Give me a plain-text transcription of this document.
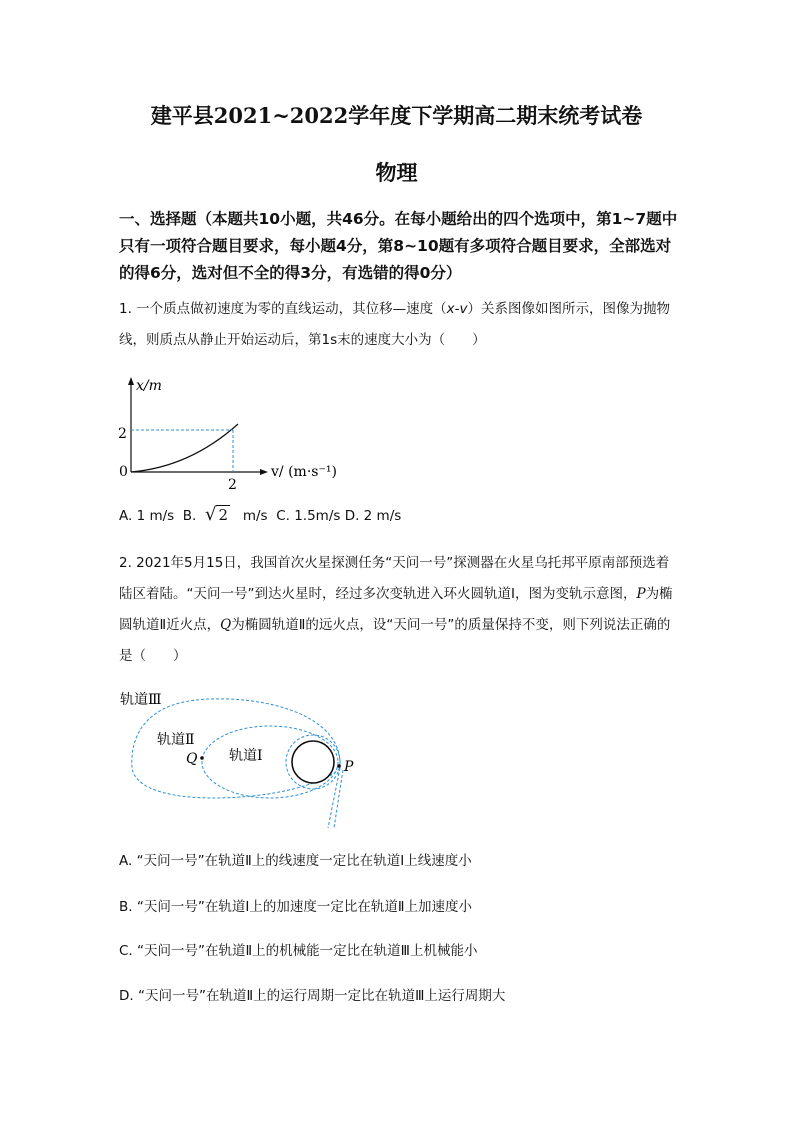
建平县2021~2022学年度下学期高二期末统考试卷
物理
一、选择题（本题共10小题，共46分。在每小题给出的四个选项中，第1~7题中只有一项符合题目要求，每小题4分，第8~10题有多项符合题目要求，全部选对的得6分，选对但不全的得3分，有选错的得0分）
1. 一个质点做初速度为零的直线运动，其位移—速度（x-v）关系图像如图所示，图像为抛物线，则质点从静止开始运动后，第1s末的速度大小为（　　）
x/m
2
0
2
v/ (m·s⁻¹)
A. 1 m/s B. √ 2 m/s C. 1.5m/s D. 2 m/s
2. 2021年5月15日，我国首次火星探测任务“天问一号”探测器在火星乌托邦平原南部预选着陆区着陆。“天问一号”到达火星时，经过多次变轨进入环火圆轨道Ⅰ，图为变轨示意图，P为椭圆轨道Ⅱ近火点，Q为椭圆轨道Ⅱ的远火点，设“天问一号”的质量保持不变，则下列说法正确的是（　　）
轨道Ⅲ
轨道Ⅱ
轨道Ⅰ
Q	P
A. “天问一号”在轨道Ⅱ上的线速度一定比在轨道Ⅰ上线速度小
B. “天问一号”在轨道Ⅰ上的加速度一定比在轨道Ⅱ上加速度小
C. “天问一号”在轨道Ⅱ上的机械能一定比在轨道Ⅲ上机械能小
D. “天问一号”在轨道Ⅱ上的运行周期一定比在轨道Ⅲ上运行周期大
